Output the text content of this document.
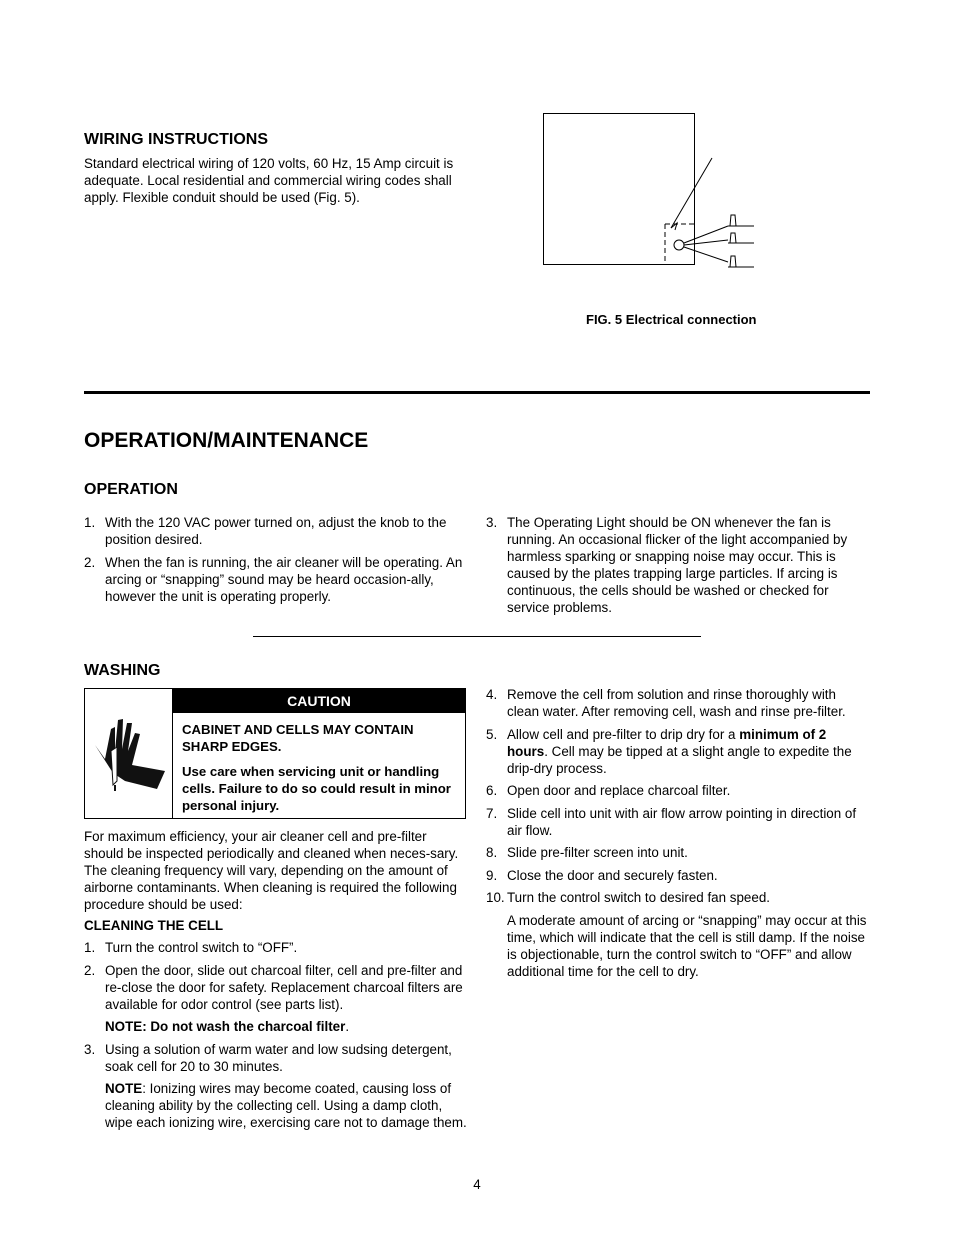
WIRING INSTRUCTIONS

Standard electrical wiring of 120 volts, 60 Hz, 15 Amp circuit is adequate. Local residential and commercial wiring codes shall apply. Flexible conduit should be used (Fig. 5).

FIG. 5 Electrical connection
OPERATION/MAINTENANCE
OPERATION
1. With the 120 VAC power turned on, adjust the knob to the position desired.
2. When the fan is running, the air cleaner will be operating. An arcing or “snapping” sound may be heard occasion-ally, however the unit is operating properly.
3. The Operating Light should be ON whenever the fan is running. An occasional flicker of the light accompanied by harmless sparking or snapping noise may occur. This is caused by the plates trapping large particles. If arcing is continuous, the cells should be washed or checked for service problems.
WASHING
CAUTION

CABINET AND CELLS MAY CONTAIN SHARP EDGES.

Use care when servicing unit or handling cells. Failure to do so could result in minor personal injury.

For maximum efficiency, your air cleaner cell and pre-filter should be inspected periodically and cleaned when neces-sary. The cleaning frequency will vary, depending on the amount of airborne contaminants. When cleaning is required the following procedure should be used:

CLEANING THE CELL

1. Turn the control switch to “OFF”.
2. Open the door, slide out charcoal filter, cell and pre-filter and re-close the door for safety. Replacement charcoal filters are available for odor control (see parts list).
NOTE: Do not wash the charcoal filter.
3. Using a solution of warm water and low sudsing detergent, soak cell for 20 to 30 minutes.
NOTE: Ionizing wires may become coated, causing loss of cleaning ability by the collecting cell. Using a damp cloth, wipe each ionizing wire, exercising care not to damage them.
4. Remove the cell from solution and rinse thoroughly with clean water. After removing cell, wash and rinse pre-filter.
5. Allow cell and pre-filter to drip dry for a minimum of 2 hours. Cell may be tipped at a slight angle to expedite the drip-dry process.
6. Open door and replace charcoal filter.
7. Slide cell into unit with air flow arrow pointing in direction of air flow.
8. Slide pre-filter screen into unit.
9. Close the door and securely fasten.
10. Turn the control switch to desired fan speed.
A moderate amount of arcing or “snapping” may occur at this time, which will indicate that the cell is still damp. If the noise is objectionable, turn the control switch to “OFF” and allow additional time for the cell to dry.
4
